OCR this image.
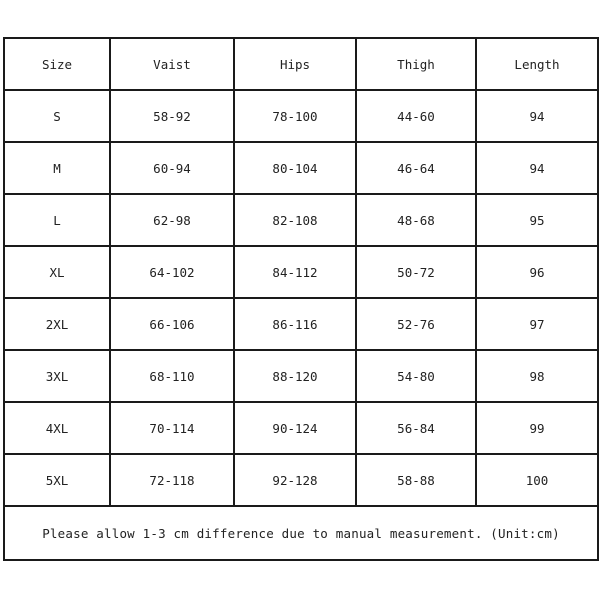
Size	Vaist	Hips	Thigh	Length
S	58-92	78-100	44-60	94
M	60-94	80-104	46-64	94
L	62-98	82-108	48-68	95
XL	64-102	84-112	50-72	96
2XL	66-106	86-116	52-76	97
3XL	68-110	88-120	54-80	98
4XL	70-114	90-124	56-84	99
5XL	72-118	92-128	58-88	100
Please allow 1-3 cm difference due to manual measurement. (Unit:cm)				
